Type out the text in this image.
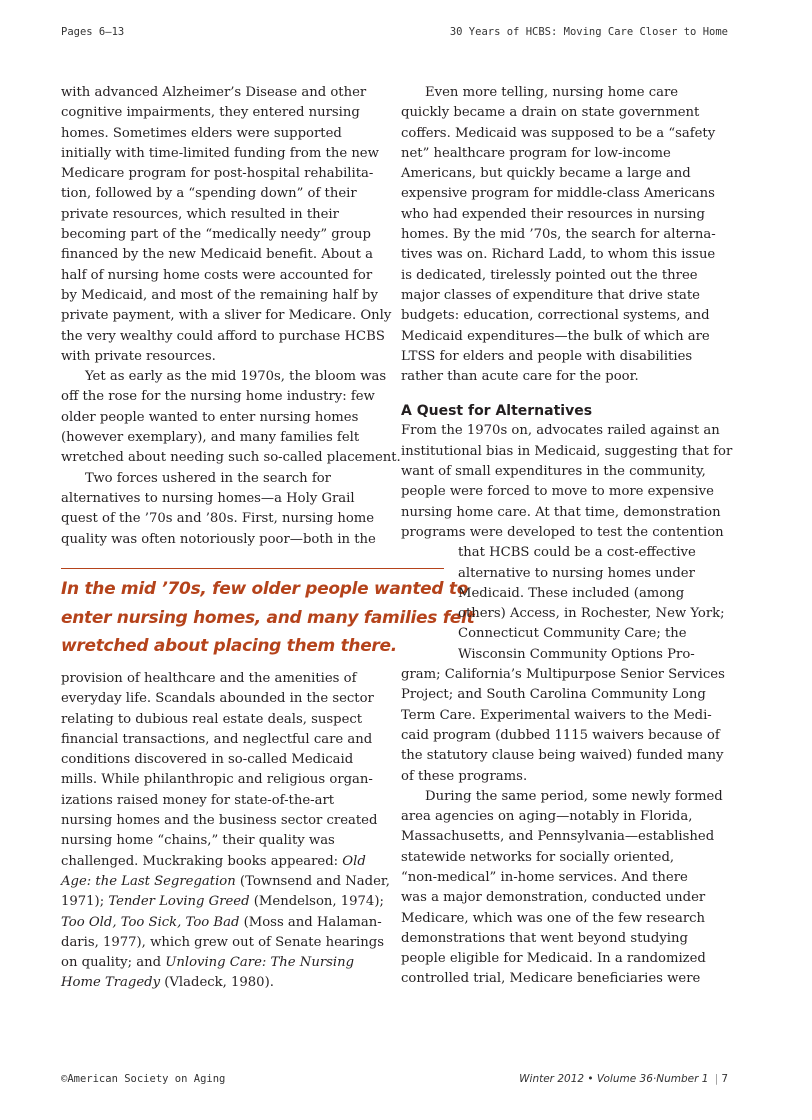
Pages 6–13	30 Years of HCBS: Moving Care Closer to Home

with advanced Alzheimer’s Disease and other
cognitive impairments, they entered nursing
homes. Sometimes elders were supported
initially with time-limited funding from the new
Medicare program for post-hospital rehabilita-
tion, followed by a “spending down” of their
private resources, which resulted in their
becoming part of the “medically needy” group
financed by the new Medicaid benefit. About a
half of nursing home costs were accounted for
by Medicaid, and most of the remaining half by
private payment, with a sliver for Medicare. Only
the very wealthy could afford to purchase HCBS
with private resources.

Yet as early as the mid 1970s, the bloom was
off the rose for the nursing home industry: few
older people wanted to enter nursing homes
(however exemplary), and many families felt
wretched about needing such so-called placement.

Two forces ushered in the search for
alternatives to nursing homes—a Holy Grail
quest of the ’70s and ’80s. First, nursing home
quality was often notoriously poor—both in the

In the mid ’70s, few older people wanted to
enter nursing homes, and many families felt
wretched about placing them there.

provision of healthcare and the amenities of
everyday life. Scandals abounded in the sector
relating to dubious real estate deals, suspect
financial transactions, and neglectful care and
conditions discovered in so-called Medicaid
mills. While philanthropic and religious organ-
izations raised money for state-of-the-art
nursing homes and the business sector created
nursing home “chains,” their quality was
challenged. Muckraking books appeared: Old
Age: the Last Segregation (Townsend and Nader,
1971); Tender Loving Greed (Mendelson, 1974);
Too Old, Too Sick, Too Bad (Moss and Halaman-
daris, 1977), which grew out of Senate hearings
on quality; and Unloving Care: The Nursing
Home Tragedy (Vladeck, 1980).

Even more telling, nursing home care
quickly became a drain on state government
coffers. Medicaid was supposed to be a “safety
net” healthcare program for low-income
Americans, but quickly became a large and
expensive program for middle-class Americans
who had expended their resources in nursing
homes. By the mid ’70s, the search for alterna-
tives was on. Richard Ladd, to whom this issue
is dedicated, tirelessly pointed out the three
major classes of expenditure that drive state
budgets: education, correctional systems, and
Medicaid expenditures—the bulk of which are
LTSS for elders and people with disabilities
rather than acute care for the poor.

A Quest for Alternatives

From the 1970s on, advocates railed against an
institutional bias in Medicaid, suggesting that for
want of small expenditures in the community,
people were forced to move to more expensive
nursing home care. At that time, demonstration
programs were developed to test the contention
that HCBS could be a cost-effective
alternative to nursing homes under
Medicaid. These included (among
others) Access, in Rochester, New York;
Connecticut Community Care; the
Wisconsin Community Options Pro-
gram; California’s Multipurpose Senior Services
Project; and South Carolina Community Long
Term Care. Experimental waivers to the Medi-
caid program (dubbed 1115 waivers because of
the statutory clause being waived) funded many
of these programs.

During the same period, some newly formed
area agencies on aging—notably in Florida,
Massachusetts, and Pennsylvania—established
statewide networks for socially oriented,
“non-medical” in-home services. And there
was a major demonstration, conducted under
Medicare, which was one of the few research
demonstrations that went beyond studying
people eligible for Medicaid. In a randomized
controlled trial, Medicare beneficiaries were

©American Society on Aging	Winter 2012 • Volume 36·Number 1 | 7
